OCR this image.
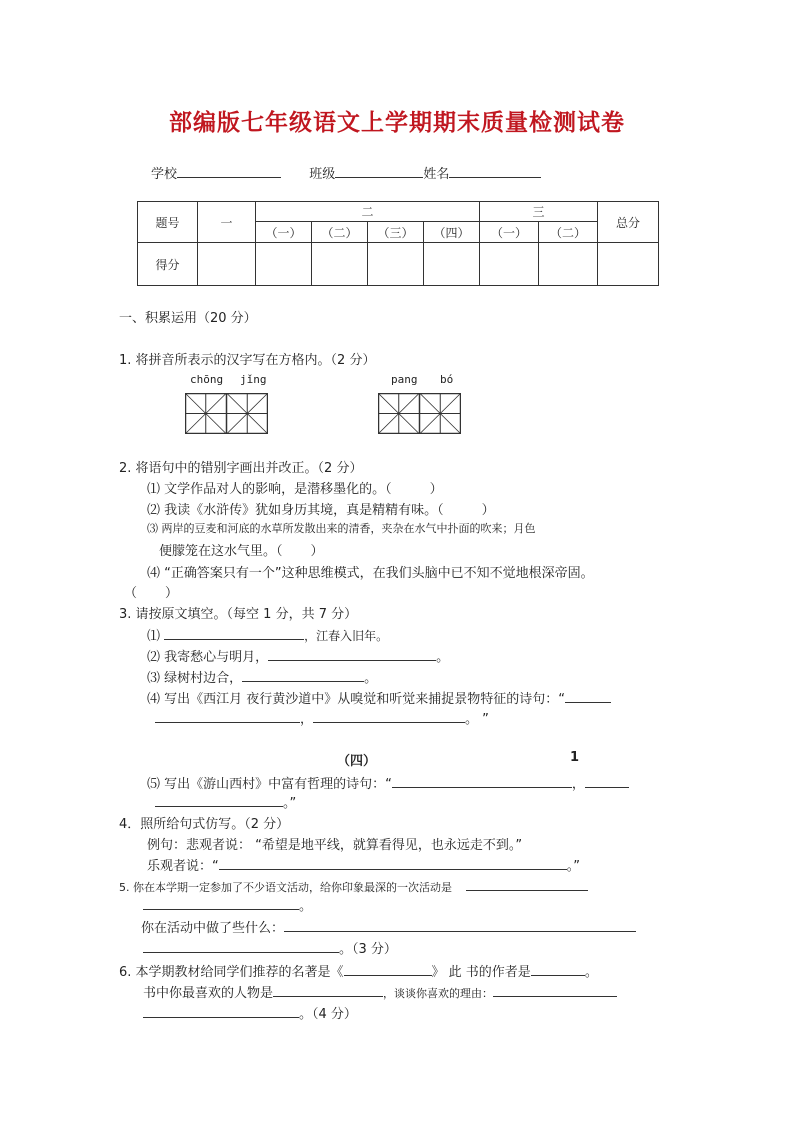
部编版七年级语文上学期期末质量检测试卷
学校	班级	姓名
题号	一	二				三		总分
		（一）	（二）	（三）	（四）	（一）	（二）	
得分								
一、积累运用（20 分）
1. 将拼音所表示的汉字写在方格内。（2 分）
chōng jǐng	pang bó
2. 将语句中的错别字画出并改正。（2 分）
⑴ 文学作品对人的影响，是潜移墨化的。（	）
⑵ 我读《水浒传》犹如身历其境，真是精精有味。（	）
⑶ 两岸的豆麦和河底的水草所发散出来的清香，夹杂在水气中扑面的吹来；月色
便朦笼在这水气里。（ ）
⑷ “正确答案只有一个”这种思维模式，在我们头脑中已不知不觉地根深帝固。
（ ）
3. 请按原文填空。（每空 1 分，共 7 分）
⑴	，江春入旧年。
⑵ 我寄愁心与明月，	。
⑶ 绿树村边合，	。
⑷ 写出《西江月 夜行黄沙道中》从嗅觉和听觉来捕捉景物特征的诗句：“
，	。 ”
（四）	1
⑸ 写出《游山西村》中富有哲理的诗句：“	，
。”
4．照所给句式仿写。（2 分）
例句：悲观者说： “希望是地平线，就算看得见，也永远走不到。”
乐观者说：“	。”
5. 你在本学期一定参加了不少语文活动，给你印象最深的一次活动是
。
你在活动中做了些什么：
。（3 分）
6. 本学期教材给同学们推荐的名著是《	》 此 书的作者是	。
书中你最喜欢的人物是	，谈谈你喜欢的理由：
。（4 分）
